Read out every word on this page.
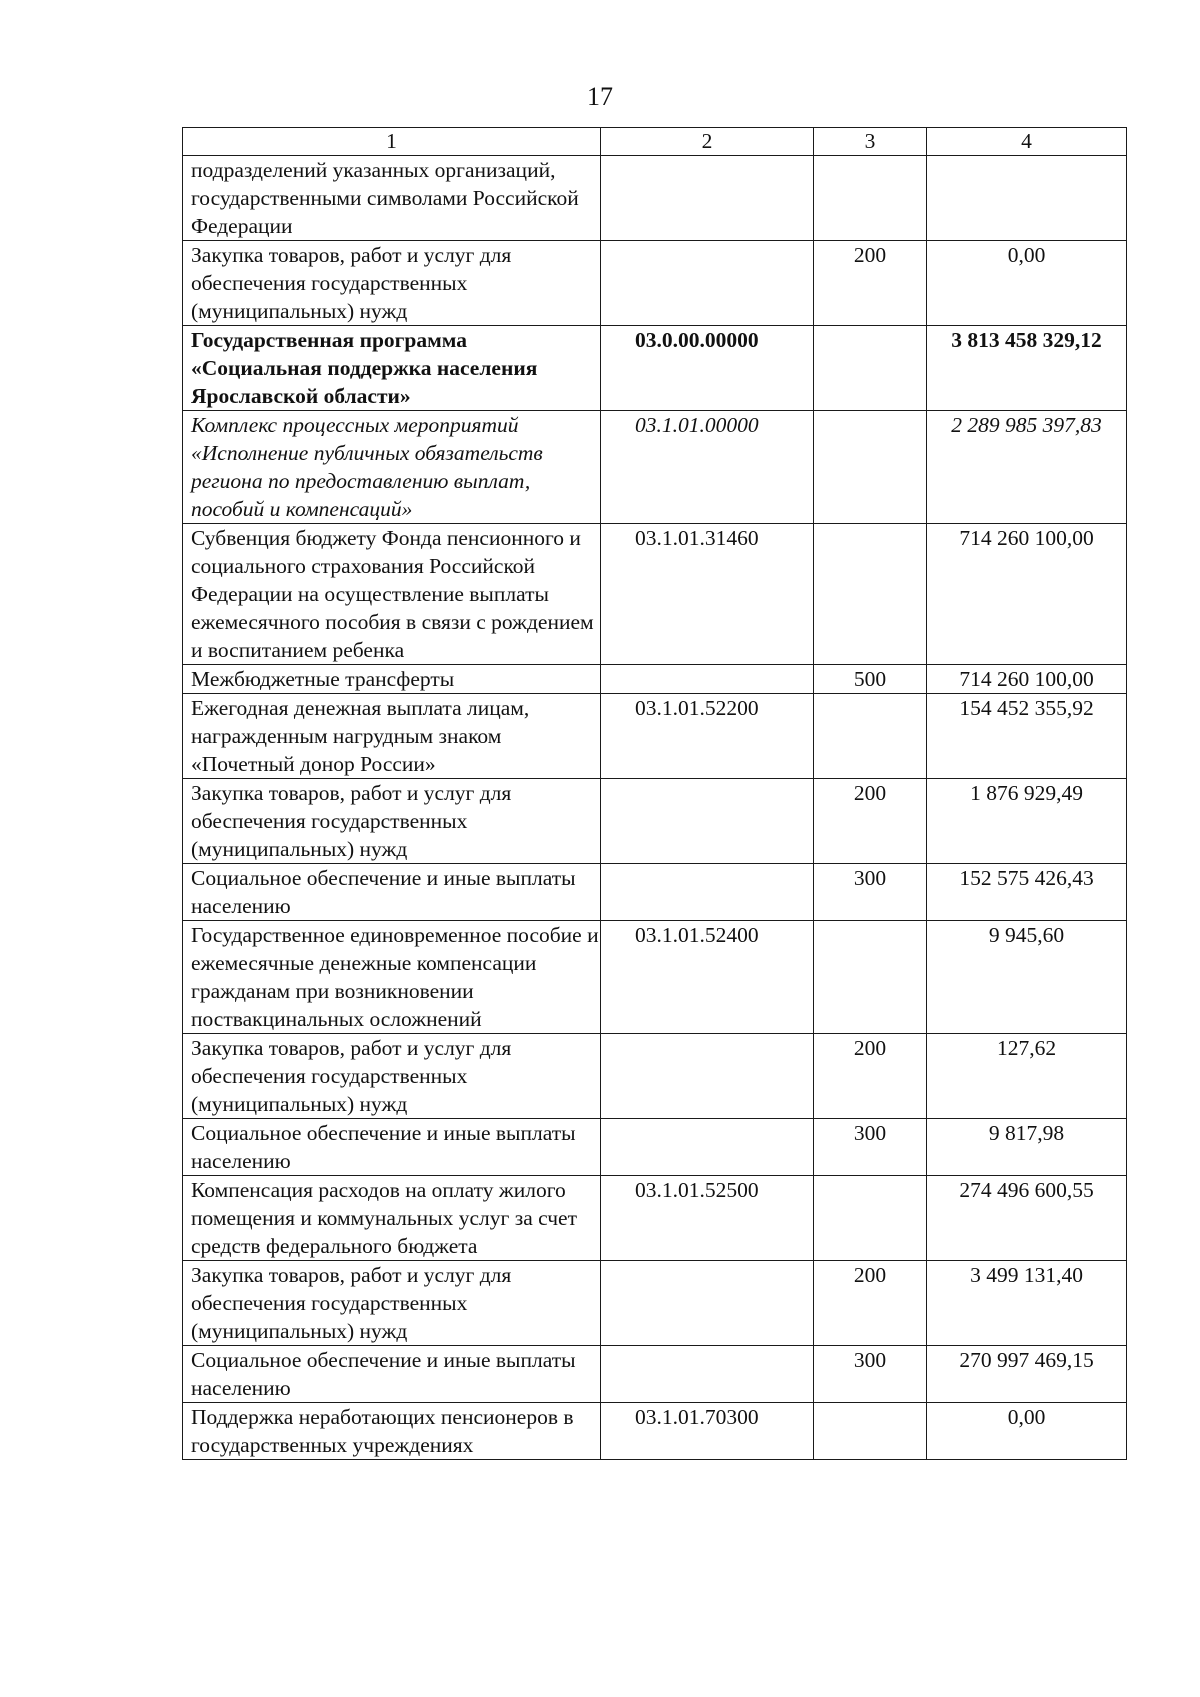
17
1	2	3	4
подразделений указанных организаций, государственными символами Российской Федерации			
Закупка товаров, работ и услуг для обеспечения государственных (муниципальных) нужд		200	0,00
Государственная программа «Социальная поддержка населения Ярославской области»	03.0.00.00000		3 813 458 329,12
Комплекс процессных мероприятий «Исполнение публичных обязательств региона по предоставлению выплат, пособий и компенсаций»	03.1.01.00000		2 289 985 397,83
Субвенция бюджету Фонда пенсионного и социального страхования Российской Федерации на осуществление выплаты ежемесячного пособия в связи с рождением и воспитанием ребенка	03.1.01.31460		714 260 100,00
Межбюджетные трансферты		500	714 260 100,00
Ежегодная денежная выплата лицам, награжденным нагрудным знаком «Почетный донор России»	03.1.01.52200		154 452 355,92
Закупка товаров, работ и услуг для обеспечения государственных (муниципальных) нужд		200	1 876 929,49
Социальное обеспечение и иные выплаты населению		300	152 575 426,43
Государственное единовременное пособие и ежемесячные денежные компенсации гражданам при возникновении поствакцинальных осложнений	03.1.01.52400		9 945,60
Закупка товаров, работ и услуг для обеспечения государственных (муниципальных) нужд		200	127,62
Социальное обеспечение и иные выплаты населению		300	9 817,98
Компенсация расходов на оплату жилого помещения и коммунальных услуг за счет средств федерального бюджета	03.1.01.52500		274 496 600,55
Закупка товаров, работ и услуг для обеспечения государственных (муниципальных) нужд		200	3 499 131,40
Социальное обеспечение и иные выплаты населению		300	270 997 469,15
Поддержка неработающих пенсионеров в государственных учреждениях	03.1.01.70300		0,00
